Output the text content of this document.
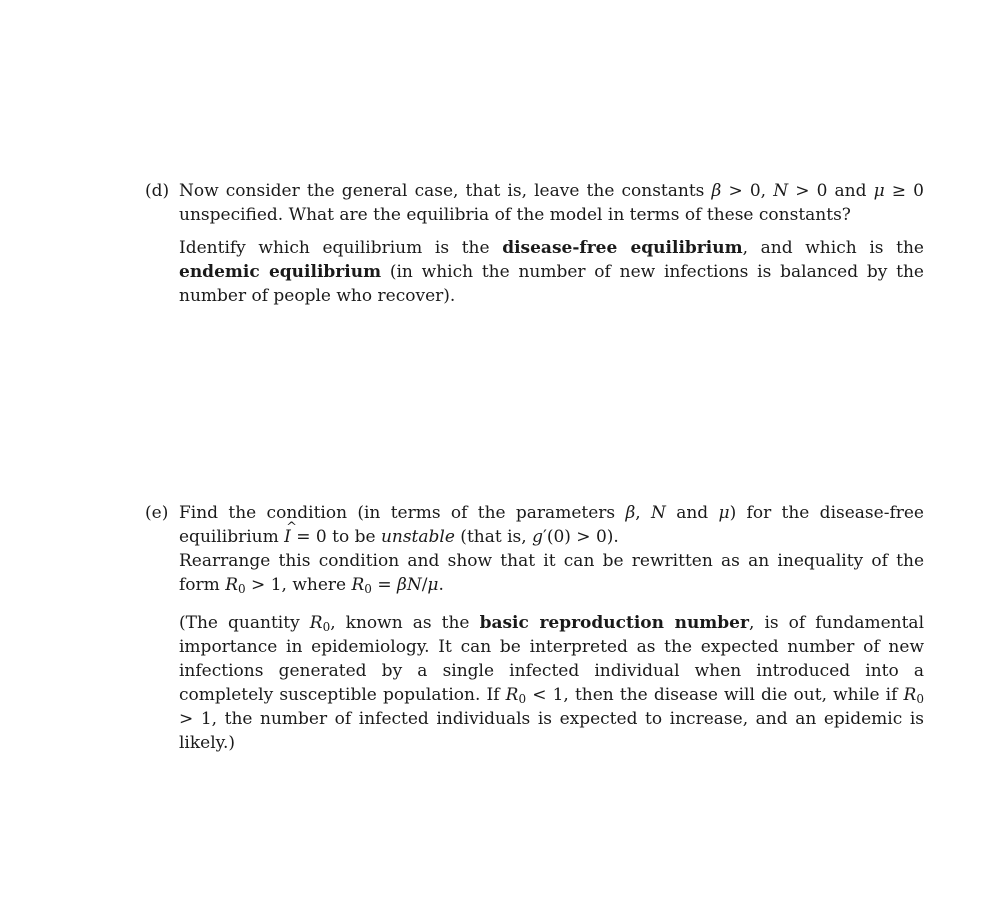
(d) Now consider the general case, that is, leave the constants β > 0, N > 0 and μ ≥ 0 unspecified. What are the equilibria of the model in terms of these constants?

Identify which equilibrium is the disease-free equilibrium, and which is the endemic equilibrium (in which the number of new infections is balanced by the number of people who recover).

(e) Find the condition (in terms of the parameters β, N and μ) for the disease-free equilibrium ^ I = 0 to be unstable (that is, g′(0) > 0).

Rearrange this condition and show that it can be rewritten as an inequality of the form $R_0 > 1$, where $R_0 = \beta N/\mu$.

(The quantity $R_0$, known as the basic reproduction number, is of fundamental importance in epidemiology. It can be interpreted as the expected number of new infections generated by a single infected individual when introduced into a completely susceptible population. If $R_0 < 1$, then the disease will die out, while if $R_0 > 1$, the number of infected individuals is expected to increase, and an epidemic is likely.)
